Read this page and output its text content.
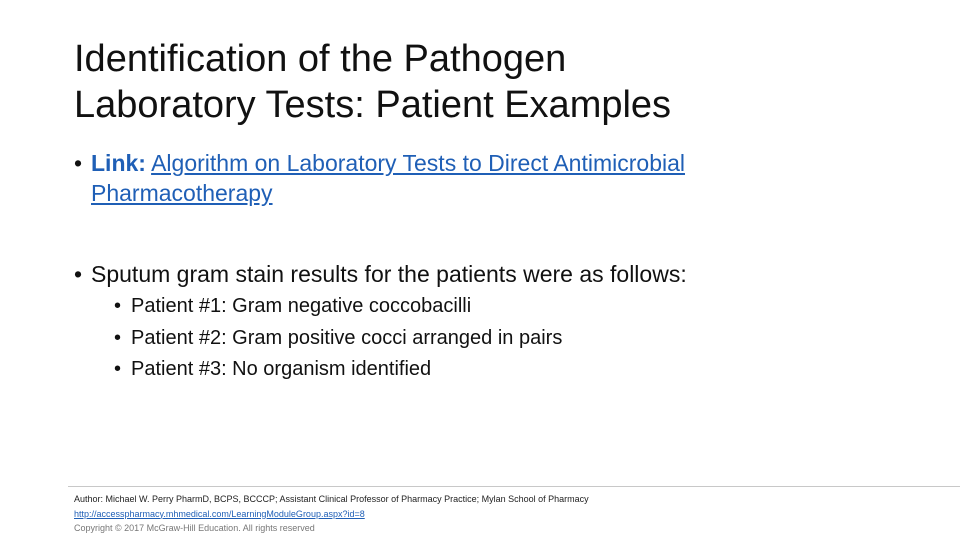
Identification of the Pathogen
Laboratory Tests: Patient Examples
• Link: Algorithm on Laboratory Tests to Direct Antimicrobial Pharmacotherapy
• Sputum gram stain results for the patients were as follows:
• Patient #1: Gram negative coccobacilli
• Patient #2: Gram positive cocci arranged in pairs
• Patient #3: No organism identified
Author: Michael W. Perry PharmD, BCPS, BCCCP; Assistant Clinical Professor of Pharmacy Practice; Mylan School of Pharmacy
http://accesspharmacy.mhmedical.com/LearningModuleGroup.aspx?id=8
Copyright © 2017 McGraw-Hill Education. All rights reserved
